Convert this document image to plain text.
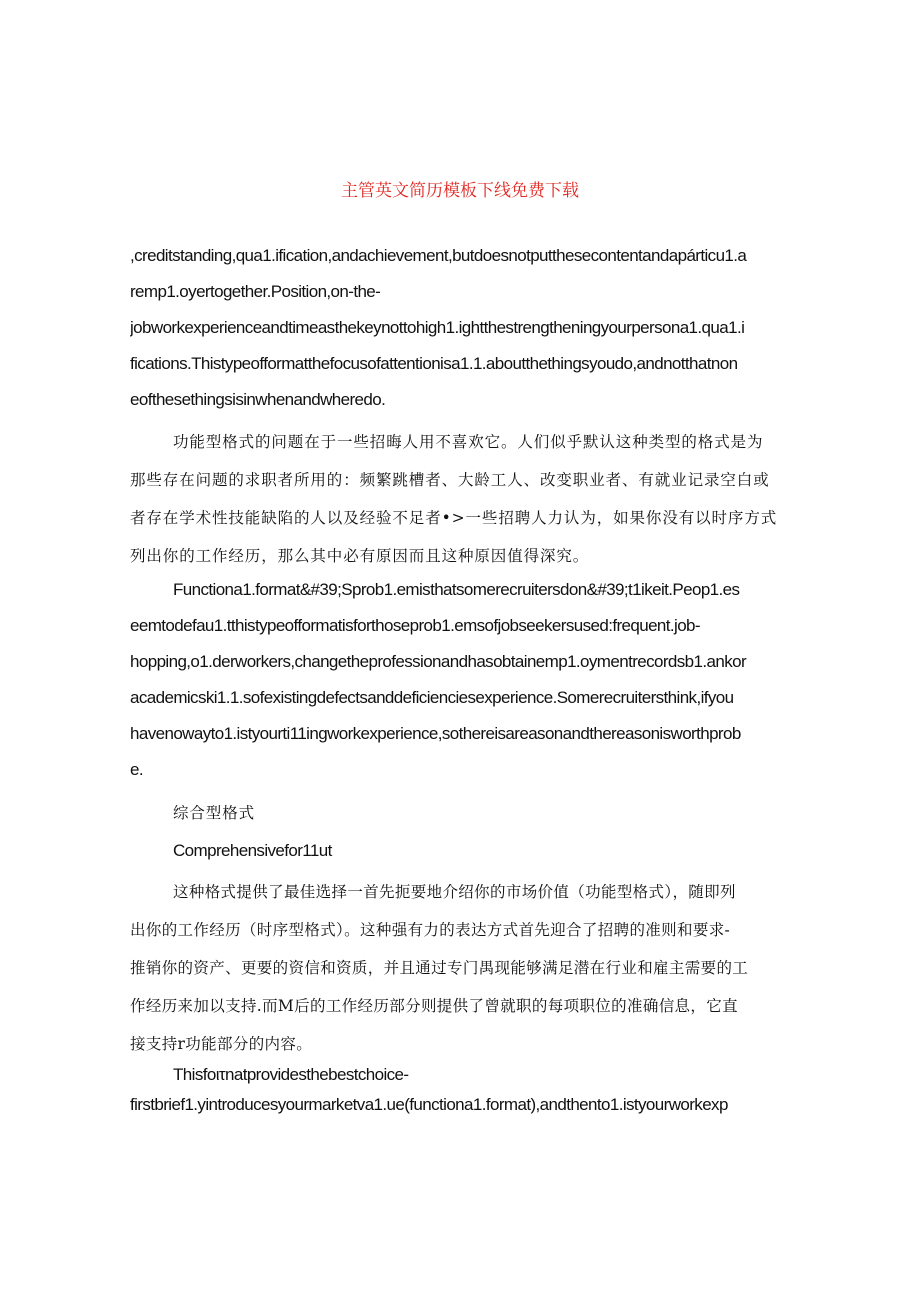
主管英文简历模板下线免费下载
,creditstanding,qua1.ification,andachievement,butdoesnotputthesecontentandapárticu1.a
remp1.oyertogether.Position,on-the-
jobworkexperienceandtimeasthekeynottohigh1.ightthestrengtheningyourpersona1.qua1.i
fications.Thistypeofformatthefocusofattentionisa1.1.aboutthethingsyoudo,andnotthatnon
eofthesethingsisinwhenandwheredo.
功能型格式的问题在于一些招晦人用不喜欢它。人们似乎默认这种类型的格式是为
那些存在问题的求职者所用的：频繁跳槽者、大龄工人、改变职业者、有就业记录空白或
者存在学术性技能缺陷的人以及经验不足者•>一些招聘人力认为，如果你没有以时序方式
列出你的工作经历，那么其中必有原因而且这种原因值得深究。
Functiona1.format&#39;Sprob1.emisthatsomerecruitersdon&#39;t1ikeit.Peop1.es
eemtodefau1.tthistypeofformatisforthoseprob1.emsofjobseekersused:frequent.job-
hopping,o1.derworkers,changetheprofessionandhasobtainemp1.oymentrecordsb1.ankor
academicski1.1.sofexistingdefectsanddeficienciesexperience.Somerecruitersthink,ifyou
havenowayto1.istyourti11ingworkexperience,sothereisareasonandthereasonisworthprob
e.
综合型格式
Comprehensivefor11ut
这种格式提供了最佳选择一首先扼要地介绍你的市场价值（功能型格式），随即列
出你的工作经历（时序型格式）。这种强有力的表达方式首先迎合了招聘的准则和要求-
推销你的资产、更要的资信和资质，并且通过专门禺现能够满足潜在行业和雇主需要的工
作经历来加以支持.而M后的工作经历部分则提供了曾就职的每项职位的准确信息，它直
接支持r功能部分的内容。
Thisfoιτnatprovidesthebestchoice-
firstbrief1.yintroducesyourmarketva1.ue(functiona1.format),andthento1.istyourworkexp
